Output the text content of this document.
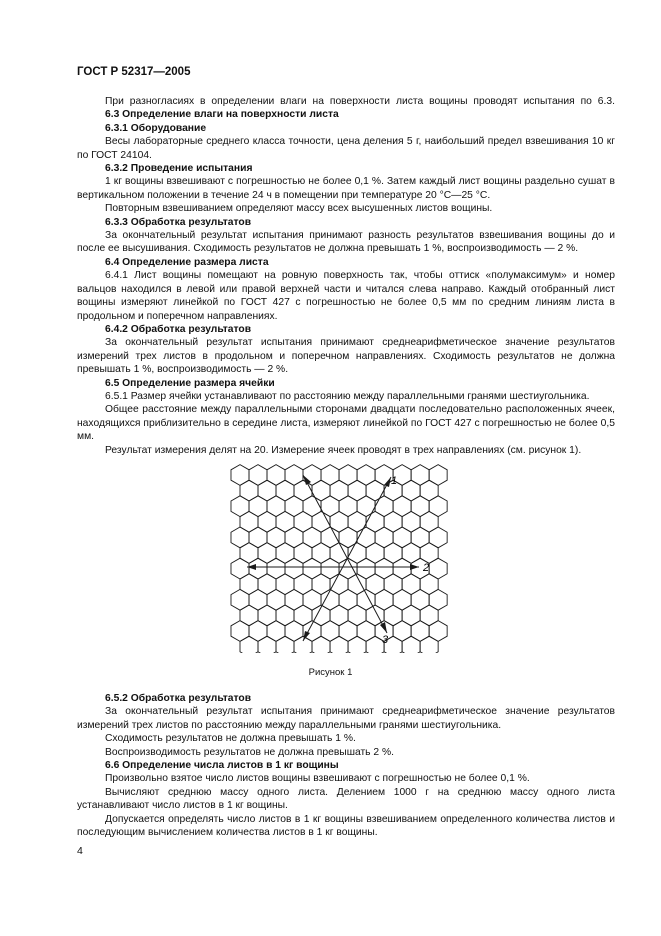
ГОСТ Р 52317—2005

При разногласиях в определении влаги на поверхности листа вощины проводят испытания по 6.3.

6.3 Определение влаги на поверхности листа

6.3.1 Оборудование

Весы лабораторные среднего класса точности, цена деления 5 г, наибольший предел взвешивания 10 кг по ГОСТ 24104.

6.3.2 Проведение испытания

1 кг вощины взвешивают с погрешностью не более 0,1 %. Затем каждый лист вощины раздельно сушат в вертикальном положении в течение 24 ч в помещении при температуре 20 °С—25 °С.

Повторным взвешиванием определяют массу всех высушенных листов вощины.

6.3.3 Обработка результатов

За окончательный результат испытания принимают разность результатов взвешивания вощины до и после ее высушивания. Сходимость результатов не должна превышать 1 %, воспроизводимость — 2 %.

6.4 Определение размера листа

6.4.1 Лист вощины помещают на ровную поверхность так, чтобы оттиск «полумаксимум» и номер вальцов находился в левой или правой верхней части и читался слева направо. Каждый отобранный лист вощины измеряют линейкой по ГОСТ 427 с погрешностью не более 0,5 мм по средним линиям листа в продольном и поперечном направлениях.

6.4.2 Обработка результатов

За окончательный результат испытания принимают среднеарифметическое значение результатов измерений трех листов в продольном и поперечном направлениях. Сходимость результатов не должна превышать 1 %, воспроизводимость — 2 %.

6.5 Определение размера ячейки

6.5.1 Размер ячейки устанавливают по расстоянию между параллельными гранями шестиугольника.

Общее расстояние между параллельными сторонами двадцати последовательно расположенных ячеек, находящихся приблизительно в середине листа, измеряют линейкой по ГОСТ 427 с погрешностью не более 0,5 мм.

Результат измерения делят на 20. Измерение ячеек проводят в трех направлениях (см. рисунок 1).

1
2
3
Рисунок 1

6.5.2 Обработка результатов

За окончательный результат испытания принимают среднеарифметическое значение результатов измерений трех листов по расстоянию между параллельными гранями шестиугольника.

Сходимость результатов не должна превышать 1 %.

Воспроизводимость результатов не должна превышать 2 %.

6.6 Определение числа листов в 1 кг вощины

Произвольно взятое число листов вощины взвешивают с погрешностью не более 0,1 %.

Вычисляют среднюю массу одного листа. Делением 1000 г на среднюю массу одного листа устанавливают число листов в 1 кг вощины.

Допускается определять число листов в 1 кг вощины взвешиванием определенного количества листов и последующим вычислением количества листов в 1 кг вощины.

4
